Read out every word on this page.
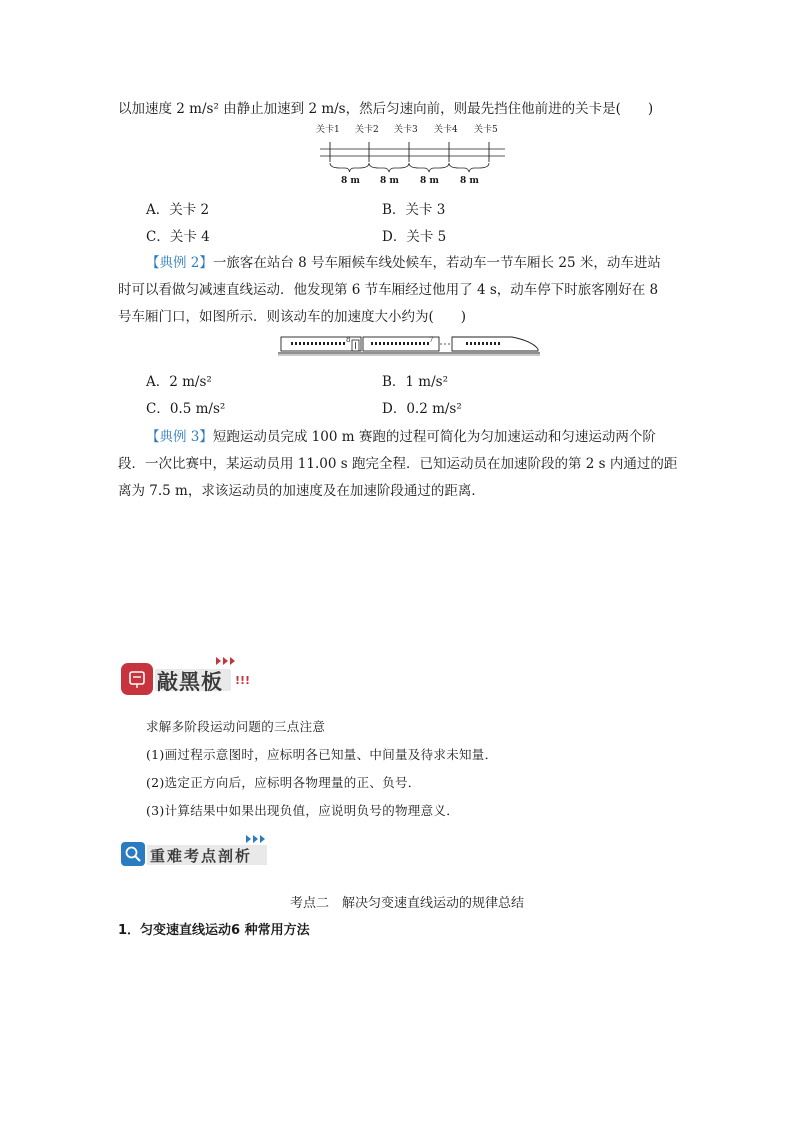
以加速度 2 m/s² 由静止加速到 2 m/s，然后匀速向前，则最先挡住他前进的关卡是(　　)
关卡1 关卡2 关卡3 关卡4 关卡5
8 m 8 m 8 m 8 m
A．关卡 2	B．关卡 3
C．关卡 4	D．关卡 5
【典例 2】一旅客在站台 8 号车厢候车线处候车，若动车一节车厢长 25 米，动车进站
时可以看做匀减速直线运动．他发现第 6 节车厢经过他用了 4 s，动车停下时旅客刚好在 8
号车厢门口，如图所示．则该动车的加速度大小约为(　　)
8	7
A．2 m/s²	B．1 m/s²
C．0.5 m/s²	D．0.2 m/s²
【典例 3】短跑运动员完成 100 m 赛跑的过程可简化为匀加速运动和匀速运动两个阶
段．一次比赛中，某运动员用 11.00 s 跑完全程．已知运动员在加速阶段的第 2 s 内通过的距
离为 7.5 m，求该运动员的加速度及在加速阶段通过的距离．
敲黑板 !!!
求解多阶段运动问题的三点注意
(1)画过程示意图时，应标明各已知量、中间量及待求未知量．
(2)选定正方向后，应标明各物理量的正、负号．
(3)计算结果中如果出现负值，应说明负号的物理意义．
重难考点剖析
考点二　解决匀变速直线运动的规律总结
1．匀变速直线运动6 种常用方法
